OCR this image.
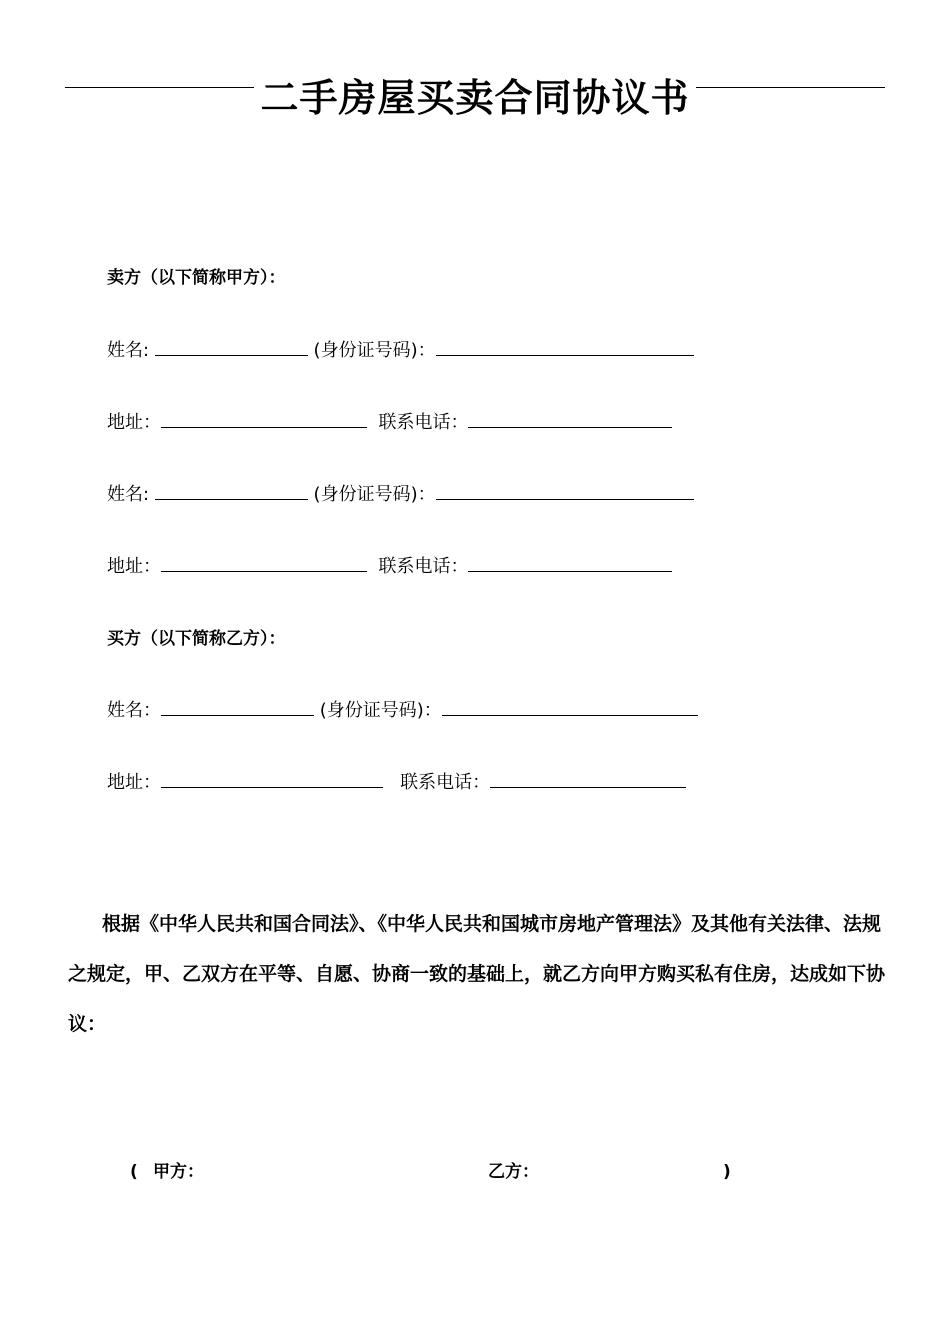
二手房屋买卖合同协议书
卖方（以下简称甲方）：
姓名:	(身份证号码)：
地址：	联系电话：
姓名:	(身份证号码)：
地址：	联系电话：
买方（以下简称乙方）：
姓名：	(身份证号码)：
地址：	联系电话：
根据《中华人民共和国合同法》、《中华人民共和国城市房地产管理法》及其他有关法律、法规之规定，甲、乙双方在平等、自愿、协商一致的基础上，就乙方向甲方购买私有住房，达成如下协议：
( 甲方：	乙方：	)
